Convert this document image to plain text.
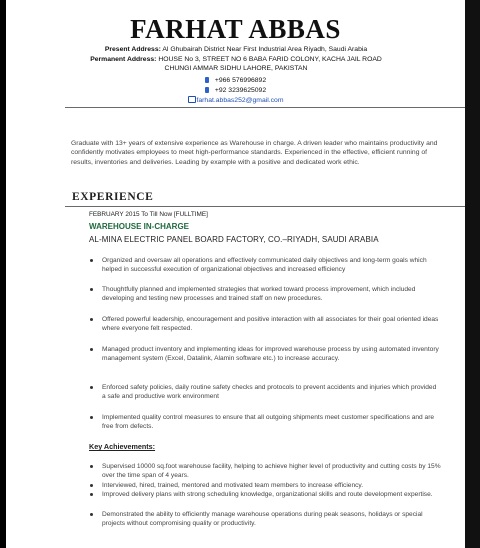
FARHAT ABBAS
Present Address: Al Ghubairah District Near First Industrial Area Riyadh, Saudi Arabia
Permanent Address: HOUSE No 3, STREET NO 6 BABA FARID COLONY, KACHA JAIL ROAD CHUNGI AMMAR SIDHU LAHORE, PAKISTAN
+966 576996892
+92 3239625092
farhat.abbas252@gmail.com
Graduate with 13+ years of extensive experience as Warehouse in charge. A driven leader who maintains productivity and confidently motivates employees to meet high-performance standards. Experienced in the effective, efficient running of results, inventories and deliveries. Leading by example with a positive and dedicated work ethic.
EXPERIENCE
FEBRUARY 2015 To Till Now [FULLTIME]
WAREHOUSE IN-CHARGE
AL-MINA ELECTRIC PANEL BOARD FACTORY, CO.–RIYADH, SAUDI ARABIA
Organized and oversaw all operations and effectively communicated daily objectives and long-term goals which helped in successful execution of organizational objectives and increased efficiency
Thoughtfully planned and implemented strategies that worked toward process improvement, which included developing and testing new processes and trained staff on new procedures.
Offered powerful leadership, encouragement and positive interaction with all associates for their goal oriented ideas where everyone felt respected.
Managed product inventory and implementing ideas for improved warehouse process by using automated inventory management system (Excel, Datalink, Alamin software etc.) to increase accuracy.
Enforced safety policies, daily routine safety checks and protocols to prevent accidents and injuries which provided a safe and productive work environment
Implemented quality control measures to ensure that all outgoing shipments meet customer specifications and are free from defects.
Key Achievements:
Supervised 10000 sq.foot warehouse facility, helping to achieve higher level of productivity and cutting costs by 15% over the time span of 4 years.
Interviewed, hired, trained, mentored and motivated team members to increase efficiency.
Improved delivery plans with strong scheduling knowledge, organizational skills and route development expertise.
Demonstrated the ability to efficiently manage warehouse operations during peak seasons, holidays or special projects without compromising quality or productivity.
